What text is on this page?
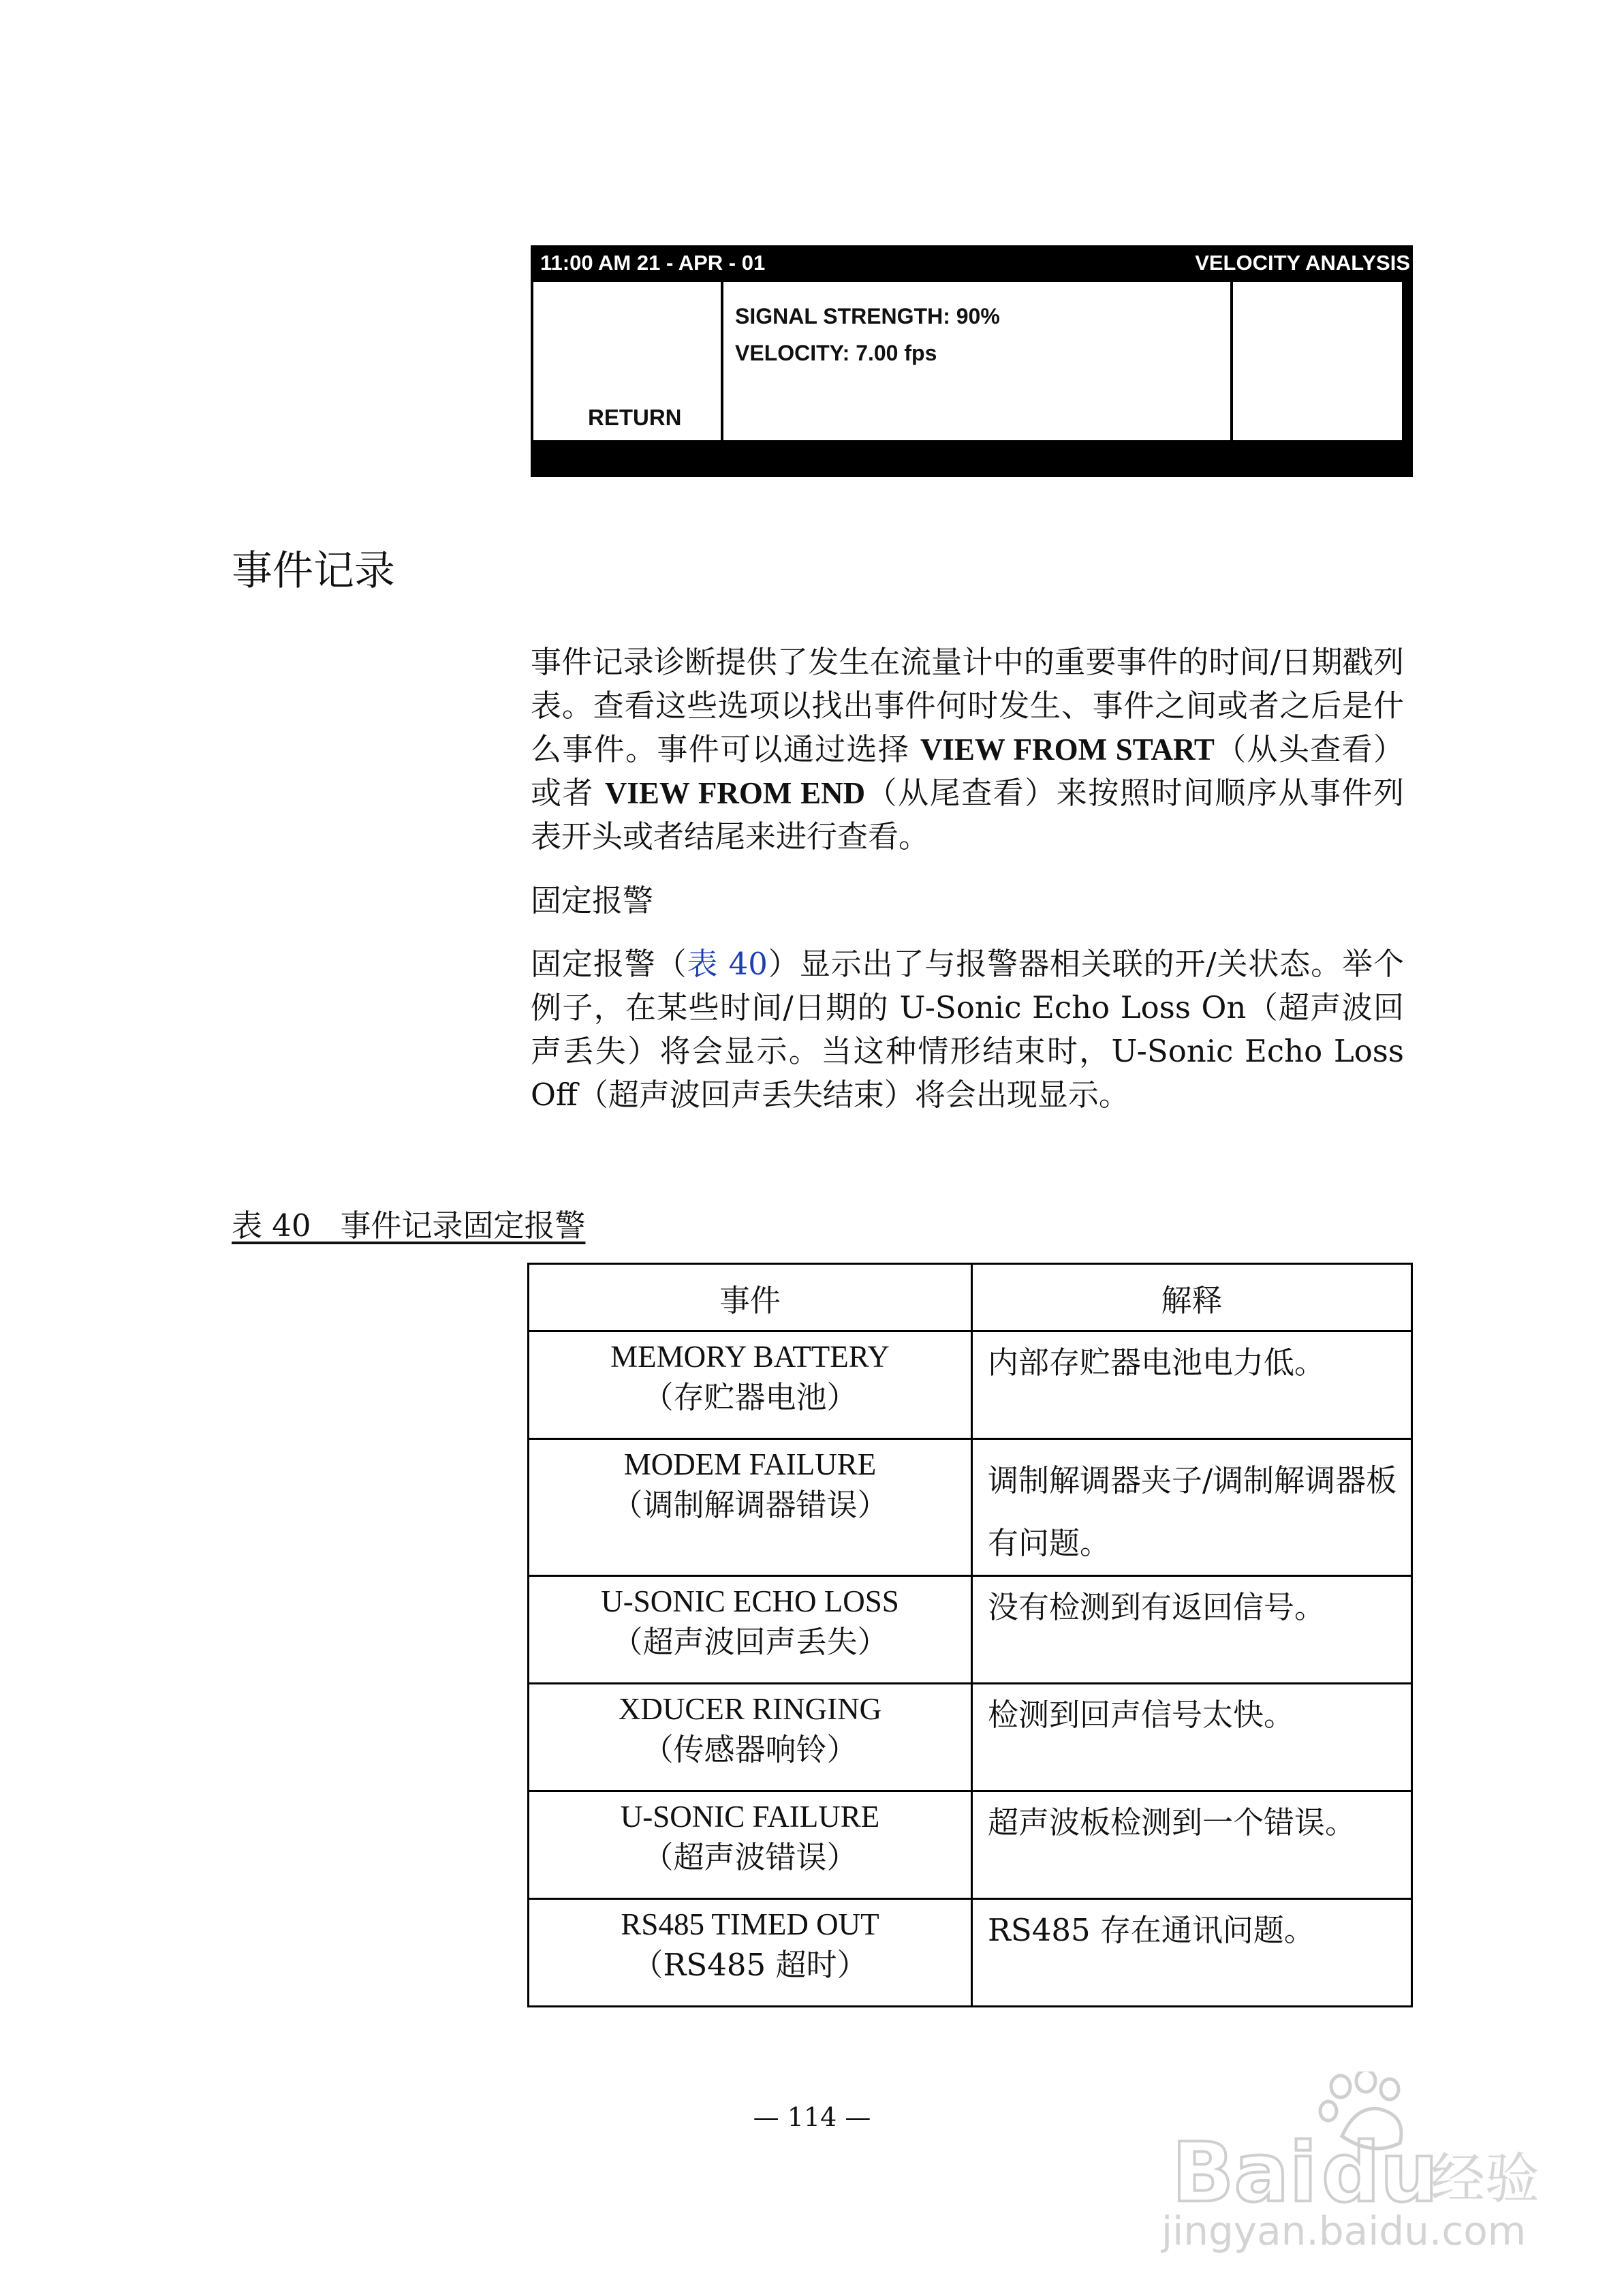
11:00 AM 21 - APR - 01	VELOCITY ANALYSIS
RETURN
SIGNAL STRENGTH: 90%
VELOCITY: 7.00 fps
事件记录

事件记录诊断提供了发生在流量计中的重要事件的时间/日期戳列表。查看这些选项以找出事件何时发生、事件之间或者之后是什么事件。事件可以通过选择 VIEW FROM START（从头查看）或者 VIEW FROM END（从尾查看）来按照时间顺序从事件列表开头或者结尾来进行查看。

固定报警

固定报警（表 40）显示出了与报警器相关联的开/关状态。举个例子，在某些时间/日期的 U-Sonic Echo Loss On（超声波回声丢失）将会显示。当这种情形结束时，U-Sonic Echo Loss Off（超声波回声丢失结束）将会出现显示。

表 40   事件记录固定报警
事件	解释

MEMORY BATTERY
（存贮器电池）	内部存贮器电池电力低。

MODEM FAILURE
（调制解调器错误）	调制解调器夹子/调制解调器板有问题。

U-SONIC ECHO LOSS
（超声波回声丢失）	没有检测到有返回信号。

XDUCER RINGING
（传感器响铃）	检测到回声信号太快。

U-SONIC FAILURE
（超声波错误）	超声波板检测到一个错误。

RS485 TIMED OUT
（RS485 超时）	RS485 存在通讯问题。
— 114 —
Bai du
经验
jingyan.baidu.com
